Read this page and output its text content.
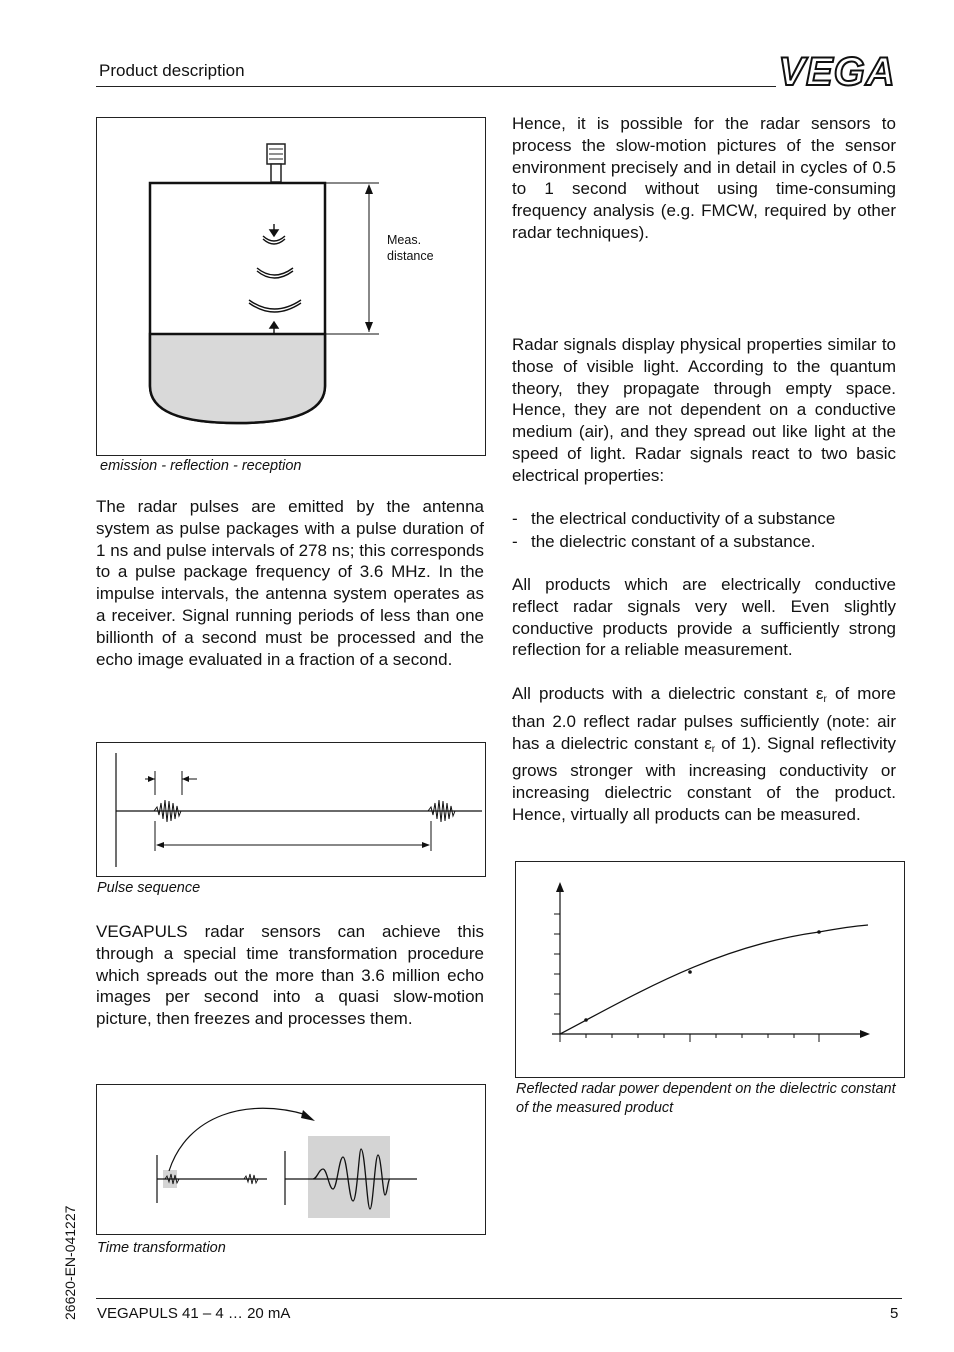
Product description	VEGA
Meas.
distance
emission - reflection - reception
The radar pulses are emitted by the antenna system as pulse packages with a pulse duration of 1 ns and pulse intervals of 278 ns; this corresponds to a pulse package frequency of 3.6 MHz. In the impulse intervals, the antenna system operates as a receiver. Signal running periods of less than one billionth of a second must be processed and the echo image evaluated in a fraction of a second.
Pulse sequence
VEGAPULS radar sensors can achieve this through a special time transformation procedure which spreads out the more than 3.6 million echo images per second into a quasi slow-motion picture, then freezes and processes them.
Time transformation
Hence, it is possible for the radar sensors to process the slow-motion pictures of the sensor environment precisely and in detail in cycles of 0.5 to 1 second without using time-consuming frequency analysis (e.g. FMCW, required by other radar techniques).
Radar signals display physical properties similar to those of visible light. According to the quantum theory, they propagate through empty space. Hence, they are not dependent on a conductive medium (air), and they spread out like light at the speed of light. Radar signals react to two basic electrical properties:
- the electrical conductivity of a substance
- the dielectric constant of a substance.
All products which are electrically conductive reflect radar signals very well. Even slightly conductive products provide a sufficiently strong reflection for a reliable measurement.
All products with a dielectric constant $\varepsilon_r$ of more than 2.0 reflect radar pulses sufficiently (note: air has a dielectric constant $\varepsilon_r$ of 1). Signal reflectivity grows stronger with increasing conductivity or increasing dielectric constant of the product. Hence, virtually all products can be measured.
Reflected radar power dependent on the dielectric constant of the measured product
26620-EN-041227 VEGAPULS 41 – 4 … 20 mA	5
